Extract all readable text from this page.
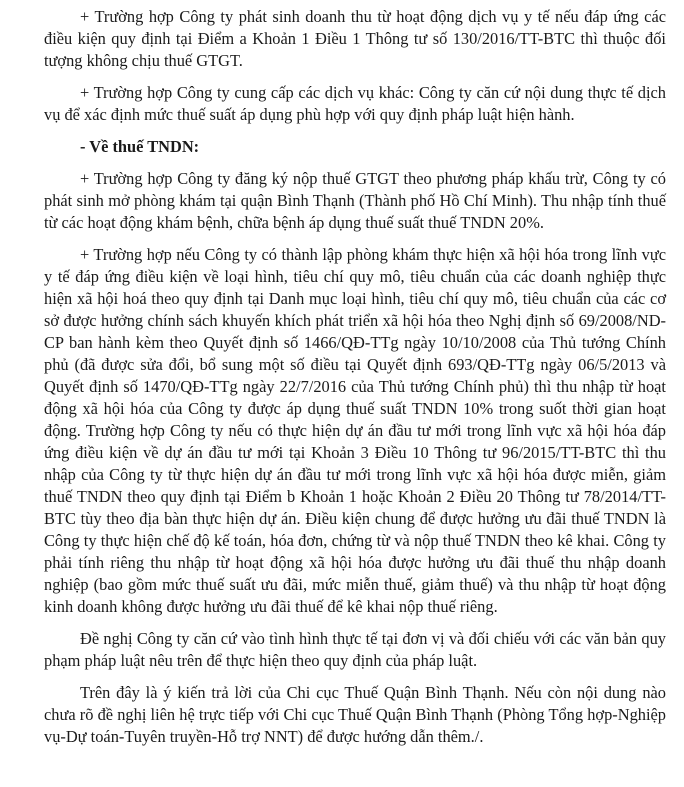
+ Trường hợp Công ty phát sinh doanh thu từ hoạt động dịch vụ y tế nếu đáp ứng các điều kiện quy định tại Điểm a Khoản 1 Điều 1 Thông tư số 130/2016/TT-BTC thì thuộc đối tượng không chịu thuế GTGT.

+ Trường hợp Công ty cung cấp các dịch vụ khác: Công ty căn cứ nội dung thực tế dịch vụ để xác định mức thuế suất áp dụng phù hợp với quy định pháp luật hiện hành.

- Về thuế TNDN:

+ Trường hợp Công ty đăng ký nộp thuế GTGT theo phương pháp khấu trừ, Công ty có phát sinh mở phòng khám tại quận Bình Thạnh (Thành phố Hồ Chí Minh). Thu nhập tính thuế từ các hoạt động khám bệnh, chữa bệnh áp dụng thuế suất thuế TNDN 20%.

+ Trường hợp nếu Công ty có thành lập phòng khám thực hiện xã hội hóa trong lĩnh vực y tế đáp ứng điều kiện về loại hình, tiêu chí quy mô, tiêu chuẩn của các doanh nghiệp thực hiện xã hội hoá theo quy định tại Danh mục loại hình, tiêu chí quy mô, tiêu chuẩn của các cơ sở được hưởng chính sách khuyến khích phát triển xã hội hóa theo Nghị định số 69/2008/ND-CP ban hành kèm theo Quyết định số 1466/QĐ-TTg ngày 10/10/2008 của Thủ tướng Chính phủ (đã được sửa đổi, bổ sung một số điều tại Quyết định 693/QĐ-TTg ngày 06/5/2013 và Quyết định số 1470/QĐ-TTg ngày 22/7/2016 của Thủ tướng Chính phủ) thì thu nhập từ hoạt động xã hội hóa của Công ty được áp dụng thuế suất TNDN 10% trong suốt thời gian hoạt động. Trường hợp Công ty nếu có thực hiện dự án đầu tư mới trong lĩnh vực xã hội hóa đáp ứng điều kiện về dự án đầu tư mới tại Khoản 3 Điều 10 Thông tư 96/2015/TT-BTC thì thu nhập của Công ty từ thực hiện dự án đầu tư mới trong lĩnh vực xã hội hóa được miễn, giảm thuế TNDN theo quy định tại Điểm b Khoản 1 hoặc Khoản 2 Điều 20 Thông tư 78/2014/TT-BTC tùy theo địa bàn thực hiện dự án. Điều kiện chung để được hưởng ưu đãi thuế TNDN là Công ty thực hiện chế độ kế toán, hóa đơn, chứng từ và nộp thuế TNDN theo kê khai. Công ty phải tính riêng thu nhập từ hoạt động xã hội hóa được hưởng ưu đãi thuế thu nhập doanh nghiệp (bao gồm mức thuế suất ưu đãi, mức miễn thuế, giảm thuế) và thu nhập từ hoạt động kinh doanh không được hưởng ưu đãi thuế để kê khai nộp thuế riêng.

Đề nghị Công ty căn cứ vào tình hình thực tế tại đơn vị và đối chiếu với các văn bản quy phạm pháp luật nêu trên để thực hiện theo quy định của pháp luật.

Trên đây là ý kiến trả lời của Chi cục Thuế Quận Bình Thạnh. Nếu còn nội dung nào chưa rõ đề nghị liên hệ trực tiếp với Chi cục Thuế Quận Bình Thạnh (Phòng Tổng hợp-Nghiệp vụ-Dự toán-Tuyên truyền-Hỗ trợ NNT) để được hướng dẫn thêm./.
